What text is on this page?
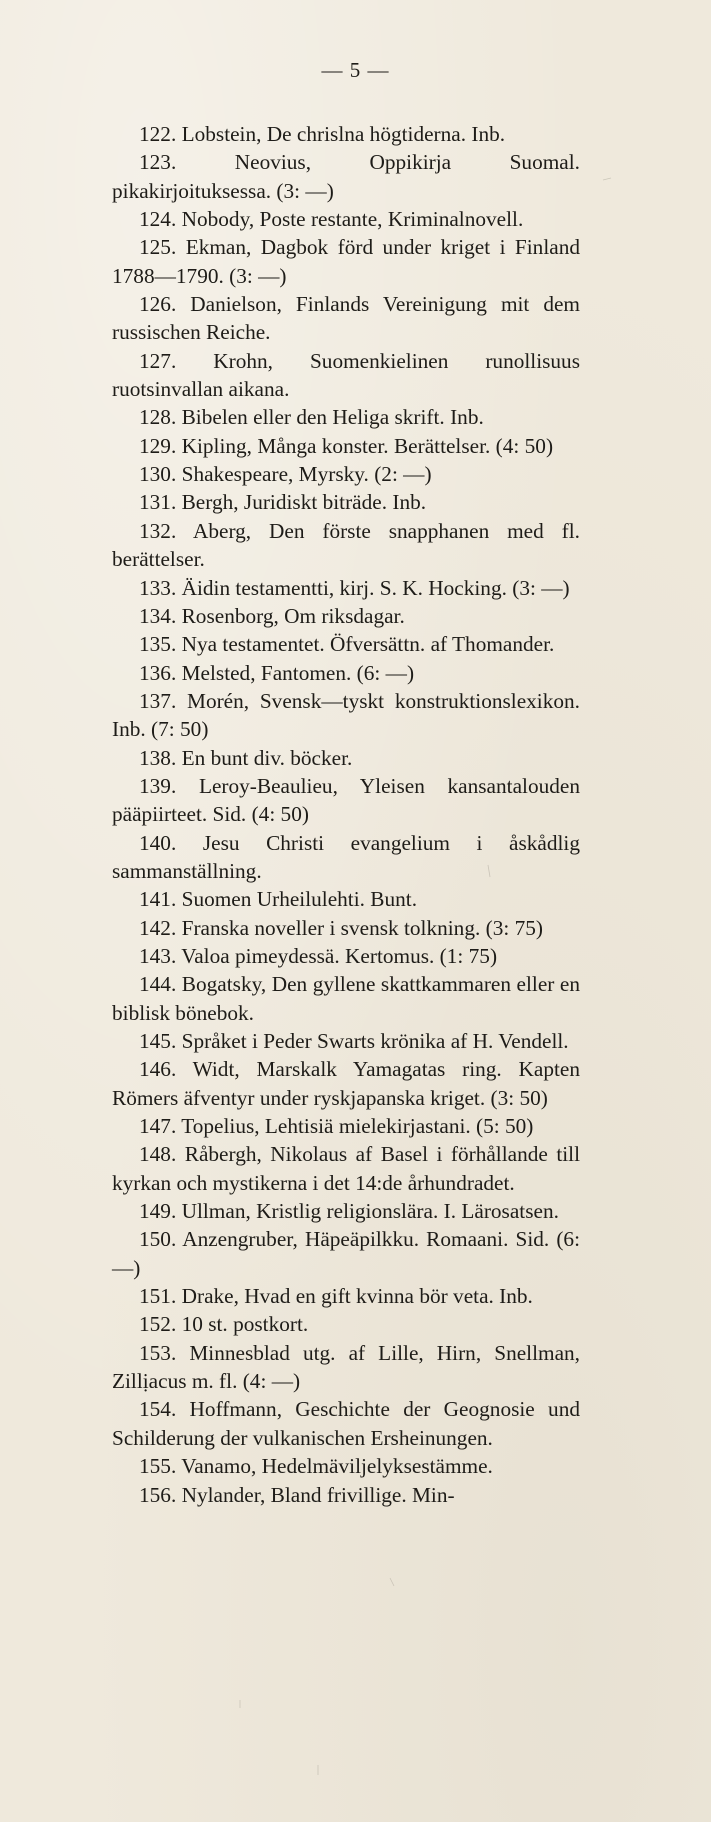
— 5 —

122. Lobstein, De chrislna högtiderna. Inb.

123. Neovius, Oppikirja Suomal. pikakirjoituksessa. (3: —)

124. Nobody, Poste restante, Kriminalnovell.

125. Ekman, Dagbok förd under kriget i Finland 1788—1790. (3: —)

126. Danielson, Finlands Vereinigung mit dem russischen Reiche.

127. Krohn, Suomenkielinen runollisuus ruotsinvallan aikana.

128. Bibelen eller den Heliga skrift. Inb.

129. Kipling, Många konster. Berättelser. (4: 50)

130. Shakespeare, Myrsky. (2: —)

131. Bergh, Juridiskt biträde. Inb.

132. Aberg, Den förste snapphanen med fl. berättelser.

133. Äidin testamentti, kirj. S. K. Hocking. (3: —)

134. Rosenborg, Om riksdagar.

135. Nya testamentet. Öfversättn. af Thomander.

136. Melsted, Fantomen. (6: —)

137. Morén, Svensk—tyskt konstruktionslexikon. Inb. (7: 50)

138. En bunt div. böcker.

139. Leroy-Beaulieu, Yleisen kansantalouden pääpiirteet. Sid. (4: 50)

140. Jesu Christi evangelium i åskådlig sammanställning.

141. Suomen Urheilulehti. Bunt.

142. Franska noveller i svensk tolkning. (3: 75)

143. Valoa pimeydessä. Kertomus. (1: 75)

144. Bogatsky, Den gyllene skattkammaren eller en biblisk bönebok.

145. Språket i Peder Swarts krönika af H. Vendell.

146. Widt, Marskalk Yamagatas ring. Kapten Römers äfventyr under ryskjapanska kriget. (3: 50)

147. Topelius, Lehtisiä mielekirjastani. (5: 50)

148. Råbergh, Nikolaus af Basel i förhållande till kyrkan och mystikerna i det 14:de århundradet.

149. Ullman, Kristlig religionslära. I. Lärosatsen.

150. Anzengruber, Häpeäpilkku. Romaani. Sid. (6: —)

151. Drake, Hvad en gift kvinna bör veta. Inb.

152. 10 st. postkort.

153. Minnesblad utg. af Lille, Hirn, Snellman, Zillịacus m. fl. (4: —)

154. Hoffmann, Geschichte der Geognosie und Schilderung der vulkanischen Ersheinungen.

155. Vanamo, Hedelmäviljelyksestämme.

156. Nylander, Bland frivillige. Min-
